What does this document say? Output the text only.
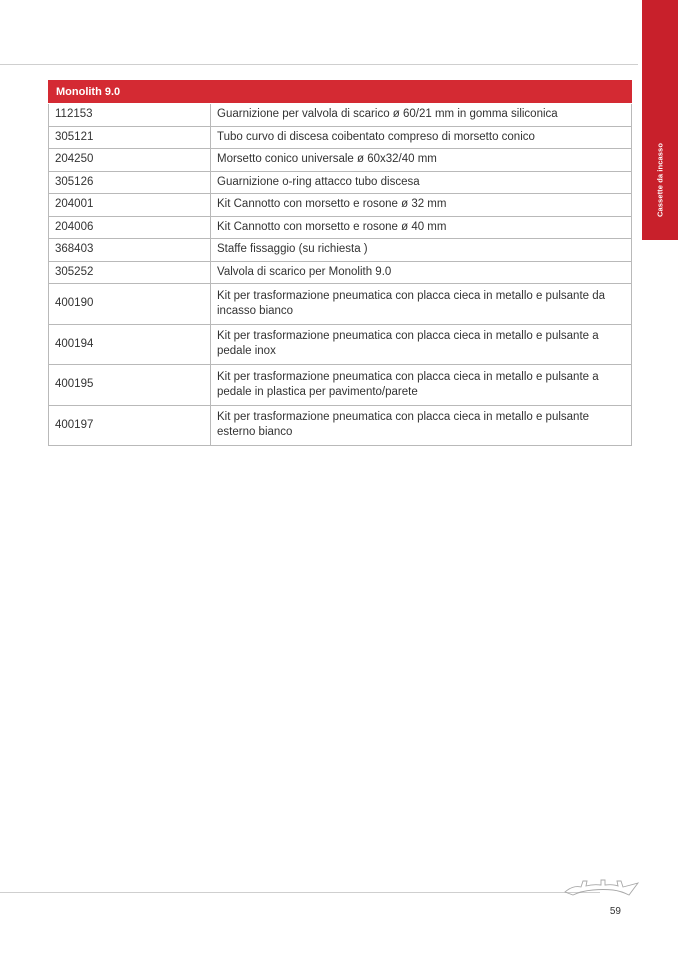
Cassette da incasso
Monolith 9.0	
112153	Guarnizione per valvola di scarico ø 60/21 mm in gomma siliconica
305121	Tubo curvo di discesa coibentato compreso di morsetto conico
204250	Morsetto conico universale ø 60x32/40 mm
305126	Guarnizione o-ring attacco tubo discesa
204001	Kit Cannotto con morsetto e rosone ø 32 mm
204006	Kit Cannotto con morsetto e rosone ø 40 mm
368403	Staffe fissaggio (su richiesta )
305252	Valvola di scarico per Monolith 9.0
400190	Kit per trasformazione pneumatica con placca cieca in metallo e pulsante da incasso bianco
400194	Kit per trasformazione pneumatica con placca cieca in metallo e pulsante a pedale inox
400195	Kit per trasformazione pneumatica con placca cieca in metallo e pulsante a pedale in plastica per pavimento/parete
400197	Kit per trasformazione pneumatica con placca cieca in metallo e pulsante esterno bianco
59
